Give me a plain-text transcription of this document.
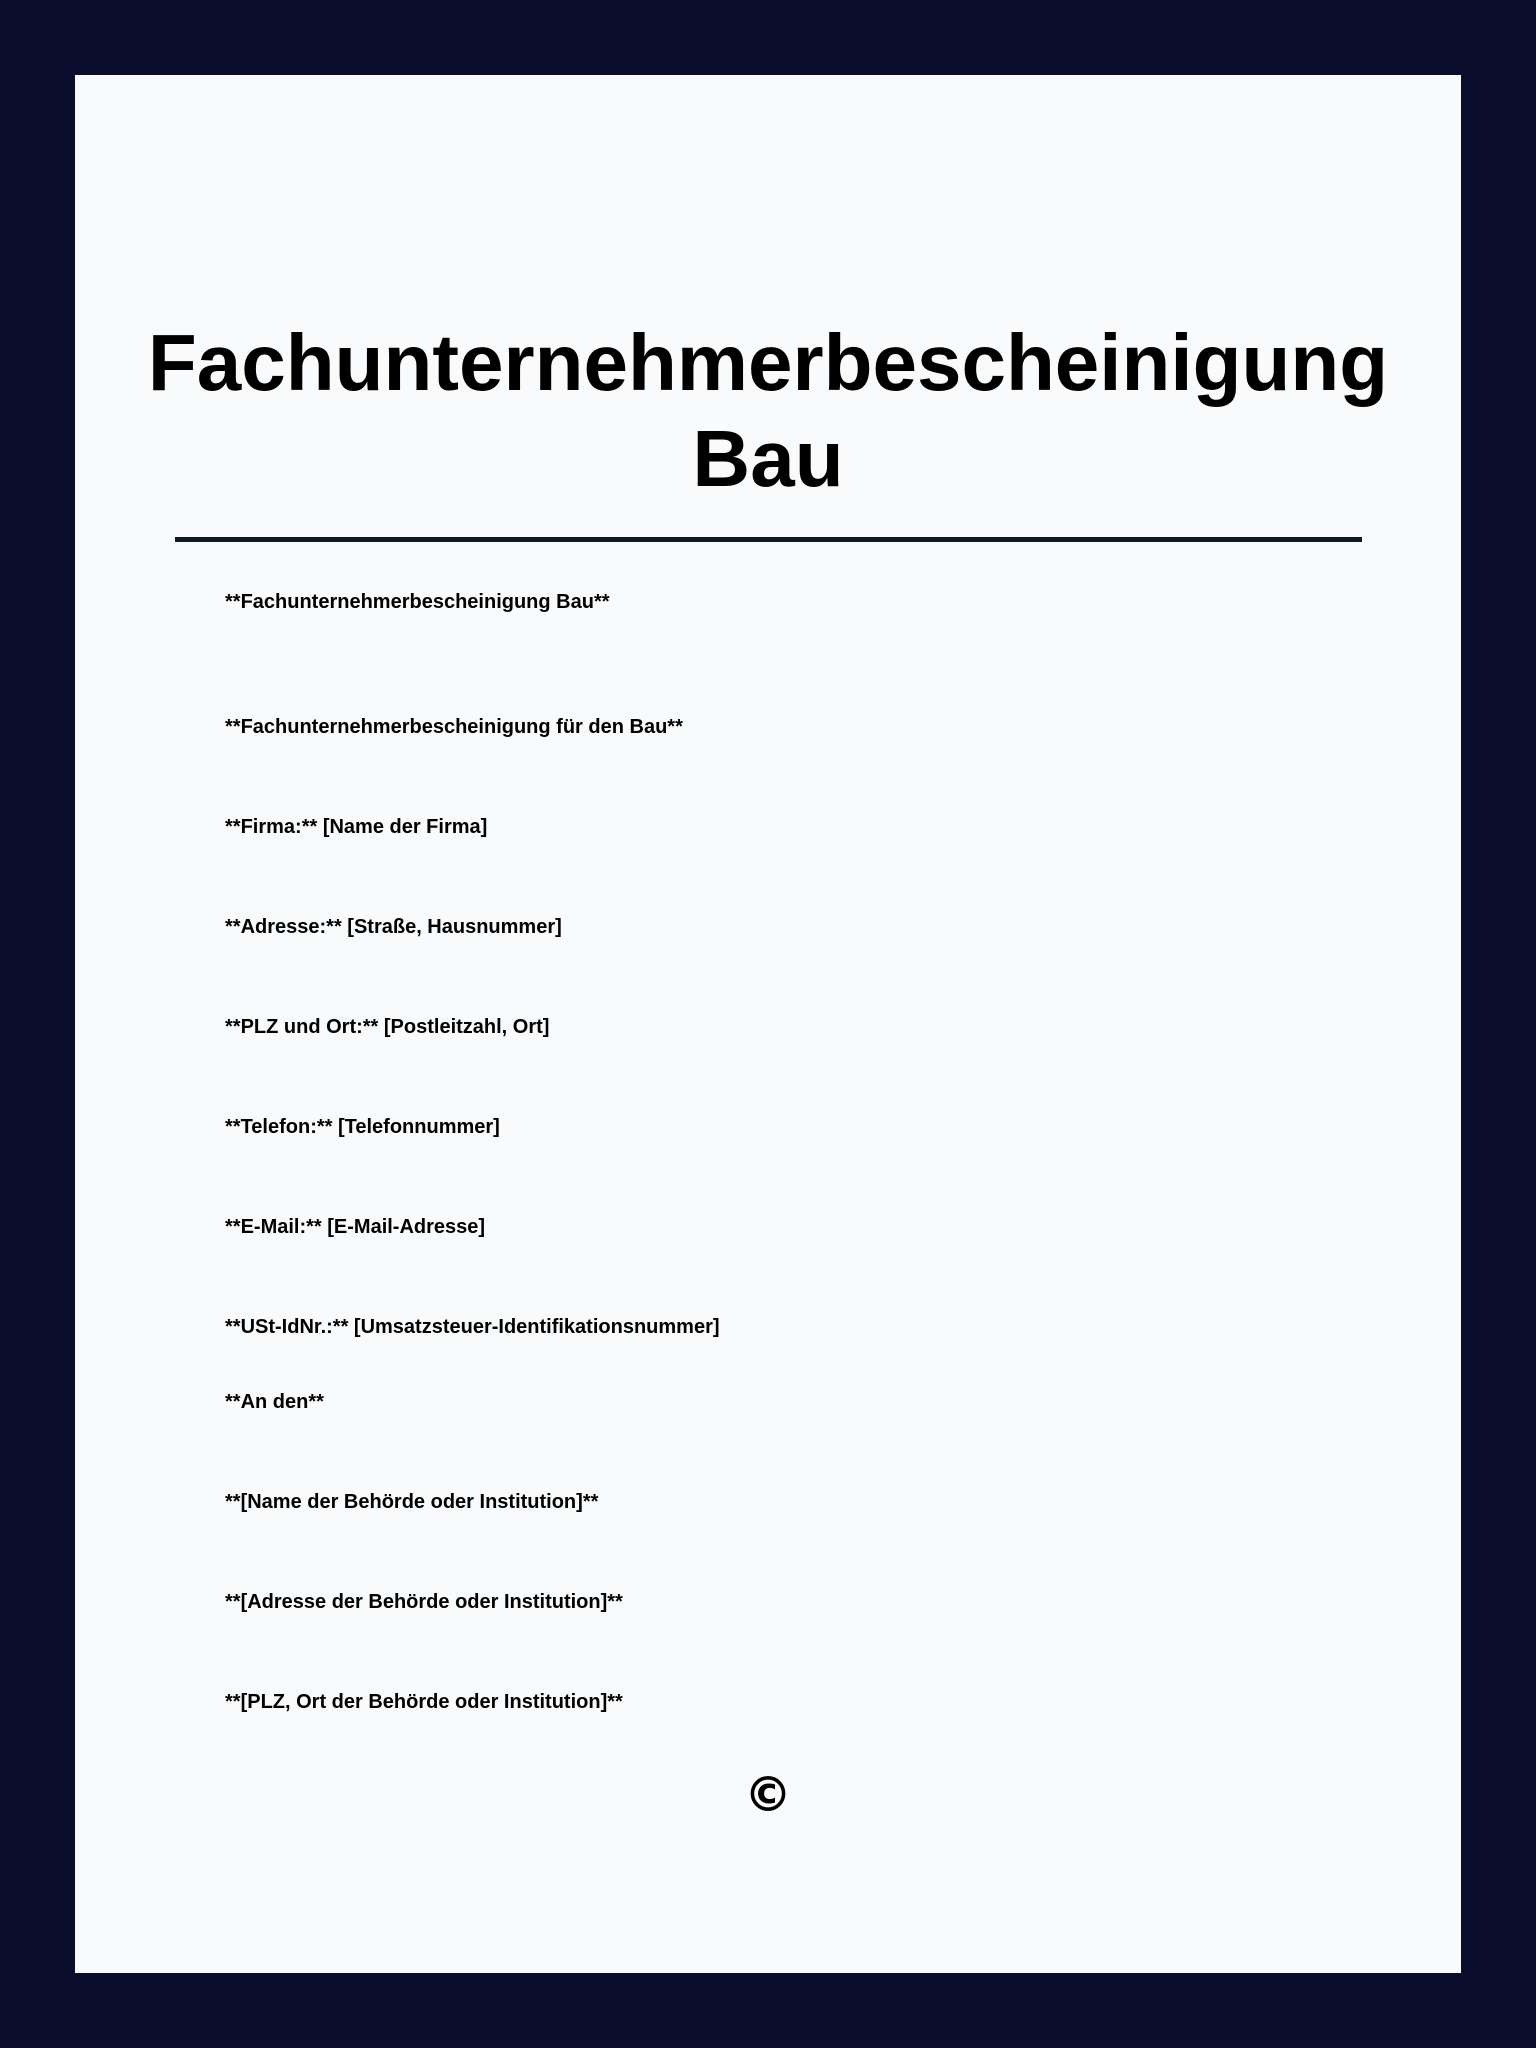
Fachunternehmerbescheinigung
Bau

**Fachunternehmerbescheinigung Bau**

**Fachunternehmerbescheinigung für den Bau**

**Firma:** [Name der Firma]

**Adresse:** [Straße, Hausnummer]

**PLZ und Ort:** [Postleitzahl, Ort]

**Telefon:** [Telefonnummer]

**E-Mail:** [E-Mail-Adresse]

**USt-IdNr.:** [Umsatzsteuer-Identifikationsnummer]

**An den**

**[Name der Behörde oder Institution]**

**[Adresse der Behörde oder Institution]**

**[PLZ, Ort der Behörde oder Institution]**

©
